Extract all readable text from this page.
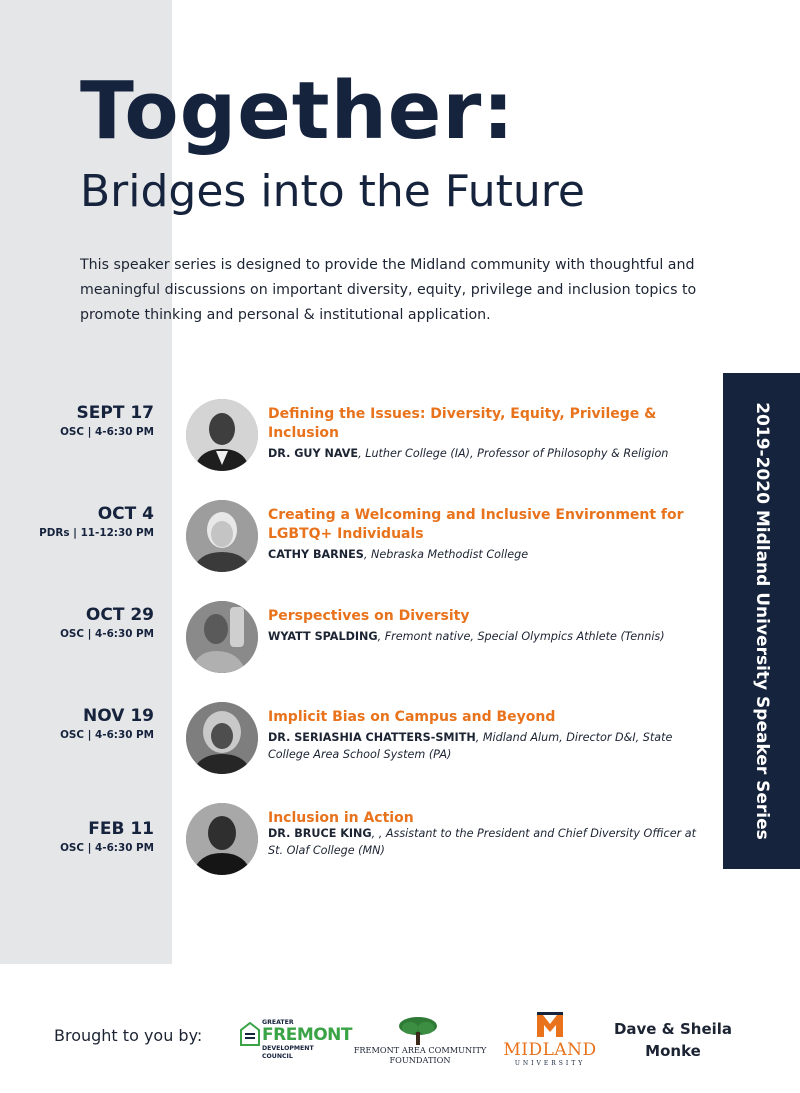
Together:
Bridges into the Future

This speaker series is designed to provide the Midland community with thoughtful and meaningful discussions on important diversity, equity, privilege and inclusion topics to promote thinking and personal & institutional application.

SEPT 17
OSC | 4-6:30 PM
Defining the Issues: Diversity, Equity, Privilege & Inclusion
DR. GUY NAVE, Luther College (IA), Professor of Philosophy & Religion
OCT 4
PDRs | 11-12:30 PM
Creating a Welcoming and Inclusive Environment for LGBTQ+ Individuals
CATHY BARNES, Nebraska Methodist College
OCT 29
OSC | 4-6:30 PM
Perspectives on Diversity
WYATT SPALDING, Fremont native, Special Olympics Athlete (Tennis)
NOV 19
OSC | 4-6:30 PM
Implicit Bias on Campus and Beyond
DR. SERIASHIA CHATTERS-SMITH, Midland Alum, Director D&I, State College Area School System (PA)
FEB 11
OSC | 4-6:30 PM
Inclusion in Action
DR. BRUCE KING, , Assistant to the President and Chief Diversity Officer at St. Olaf College (MN)
2019-2020 Midland University Speaker Series
Brought to you by:
GREATER
FREMONT
DEVELOPMENT
COUNCIL
FREMONT AREA COMMUNITY
FOUNDATION	MIDLAND
UNIVERSITY
Dave & Sheila
Monke
